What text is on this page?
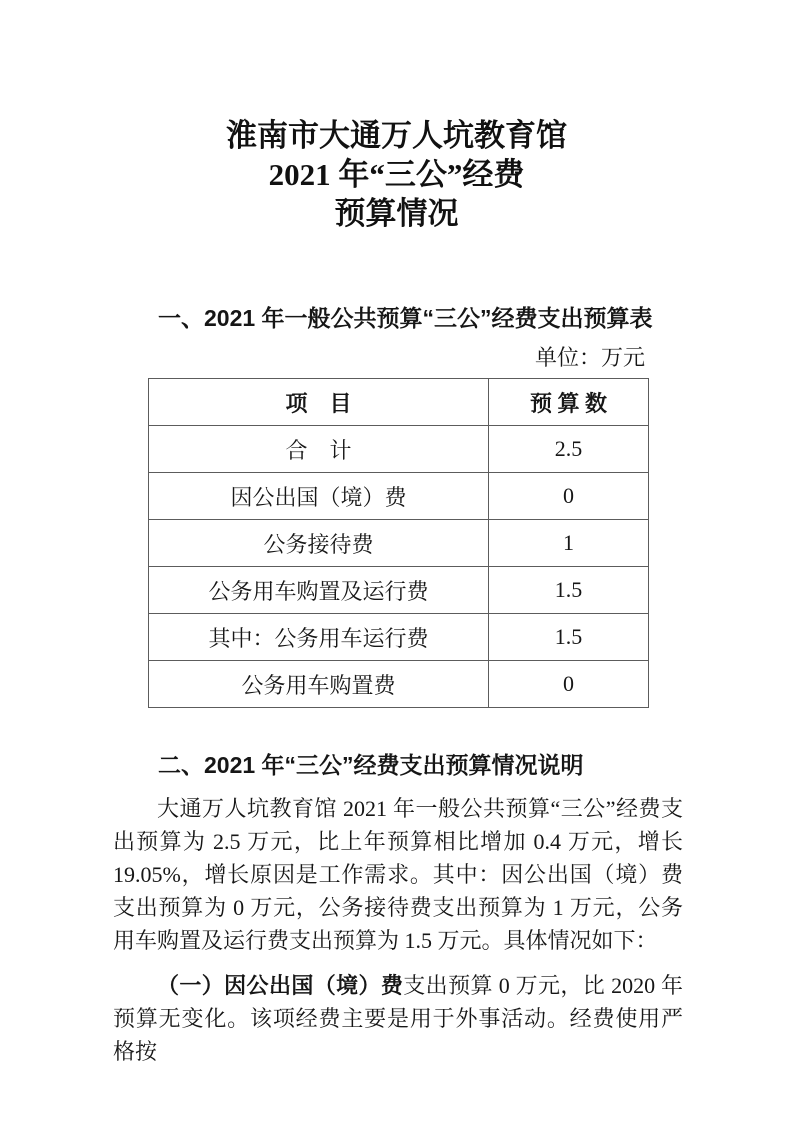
淮南市大通万人坑教育馆
2021 年“三公”经费
预算情况
一、2021 年一般公共预算“三公”经费支出预算表
单位：万元
项　目	预 算 数
合　计	2.5
因公出国（境）费	0
公务接待费	1
公务用车购置及运行费	1.5
其中：公务用车运行费	1.5
公务用车购置费	0
二、2021 年“三公”经费支出预算情况说明

大通万人坑教育馆 2021 年一般公共预算“三公”经费支出预算为 2.5 万元，比上年预算相比增加 0.4 万元，增长 19.05%，增长原因是工作需求。其中：因公出国（境）费支出预算为 0 万元，公务接待费支出预算为 1 万元，公务用车购置及运行费支出预算为 1.5 万元。具体情况如下：

（一）因公出国（境）费支出预算 0 万元，比 2020 年预算无变化。该项经费主要是用于外事活动。经费使用严格按
